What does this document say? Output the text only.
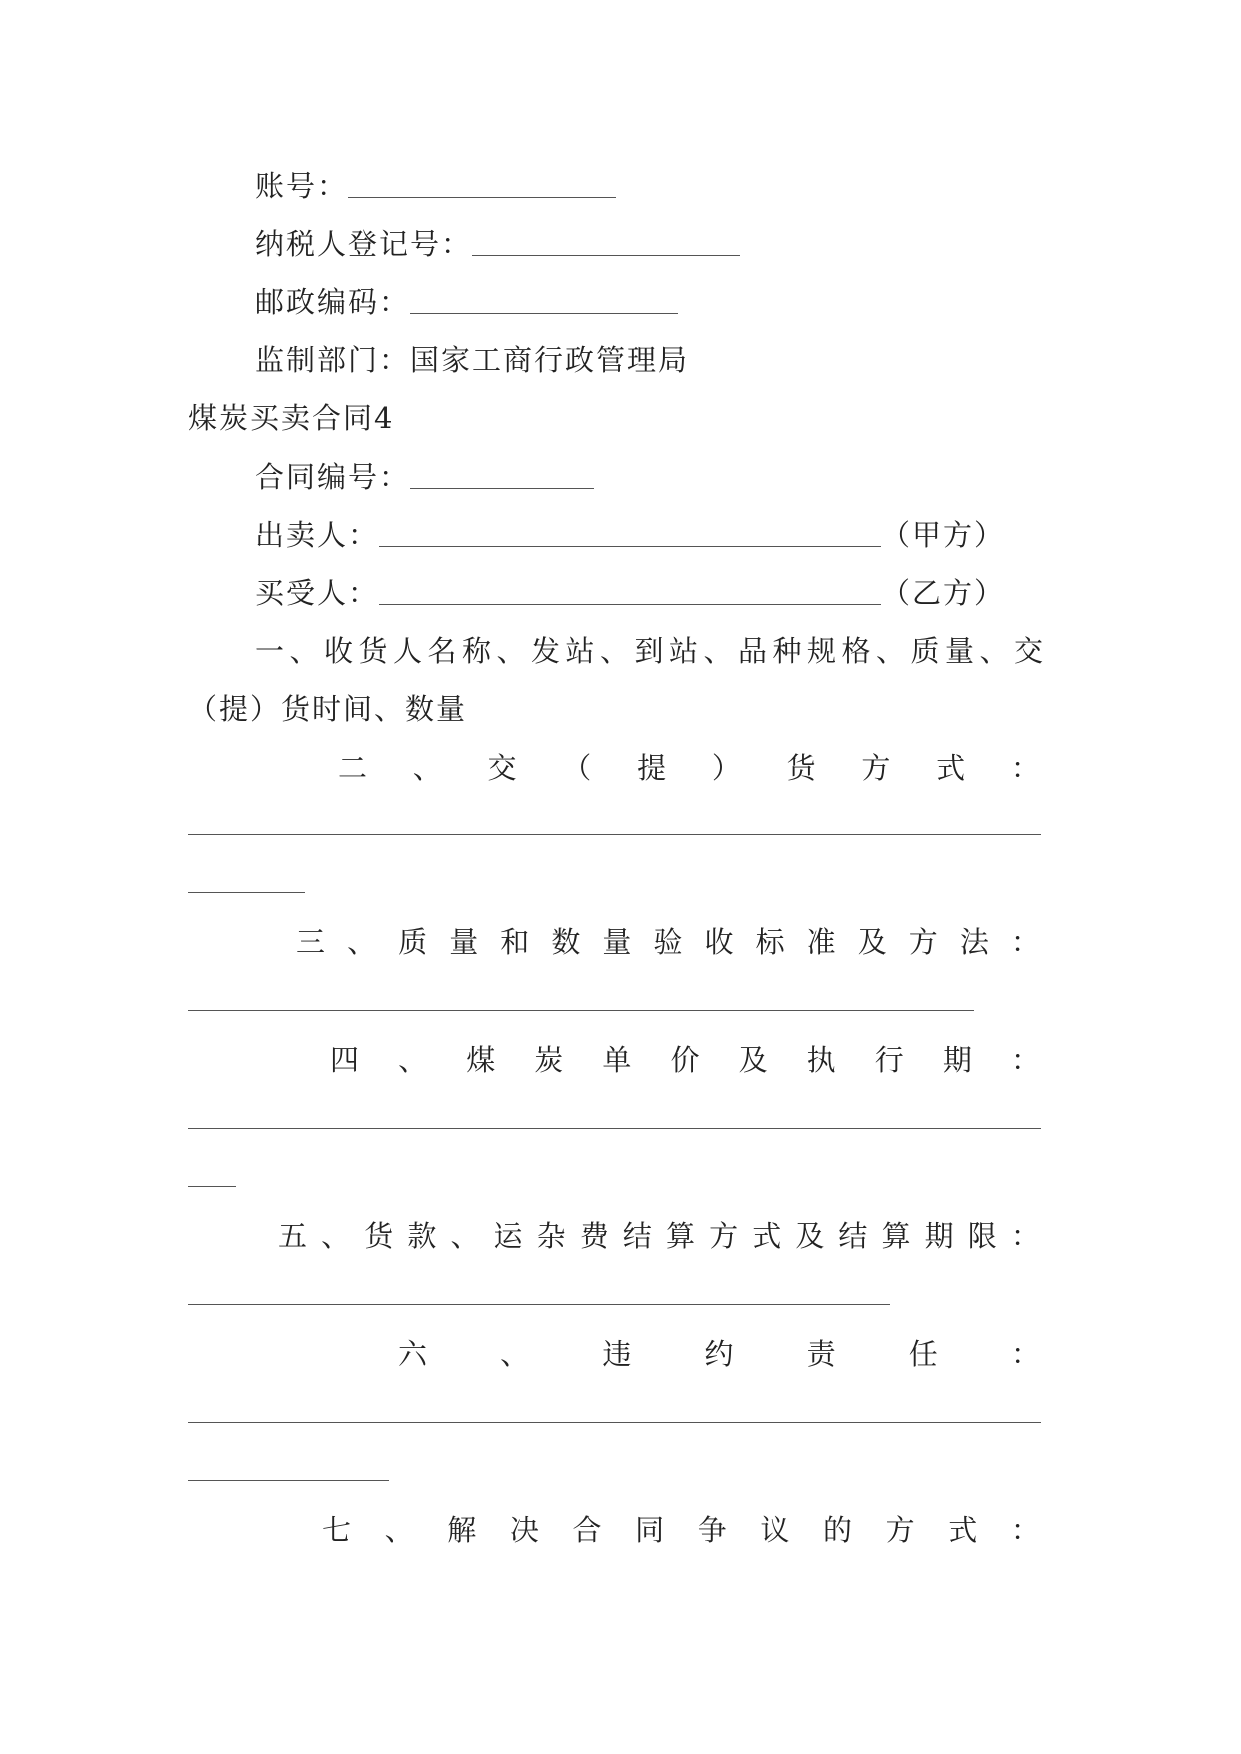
账号：
纳税人登记号：
邮政编码：
监制部门：国家工商行政管理局
煤炭买卖合同4
合同编号：
出卖人：	（甲方）
买受人：	（乙方）
一、收货人名称、发站、到站、品种规格、质量、交
（提）货时间、数量
二 、 交 （ 提 ） 货 方 式 ：
三 、 质 量 和 数 量 验 收 标 准 及 方 法 ：
四 、 煤 炭 单 价 及 执 行 期 ：
五 、 货 款 、 运 杂 费 结 算 方 式 及 结 算 期 限 ：
六	、	违	约	责	任	：
七 、 解 决 合 同 争 议 的 方 式 ：
